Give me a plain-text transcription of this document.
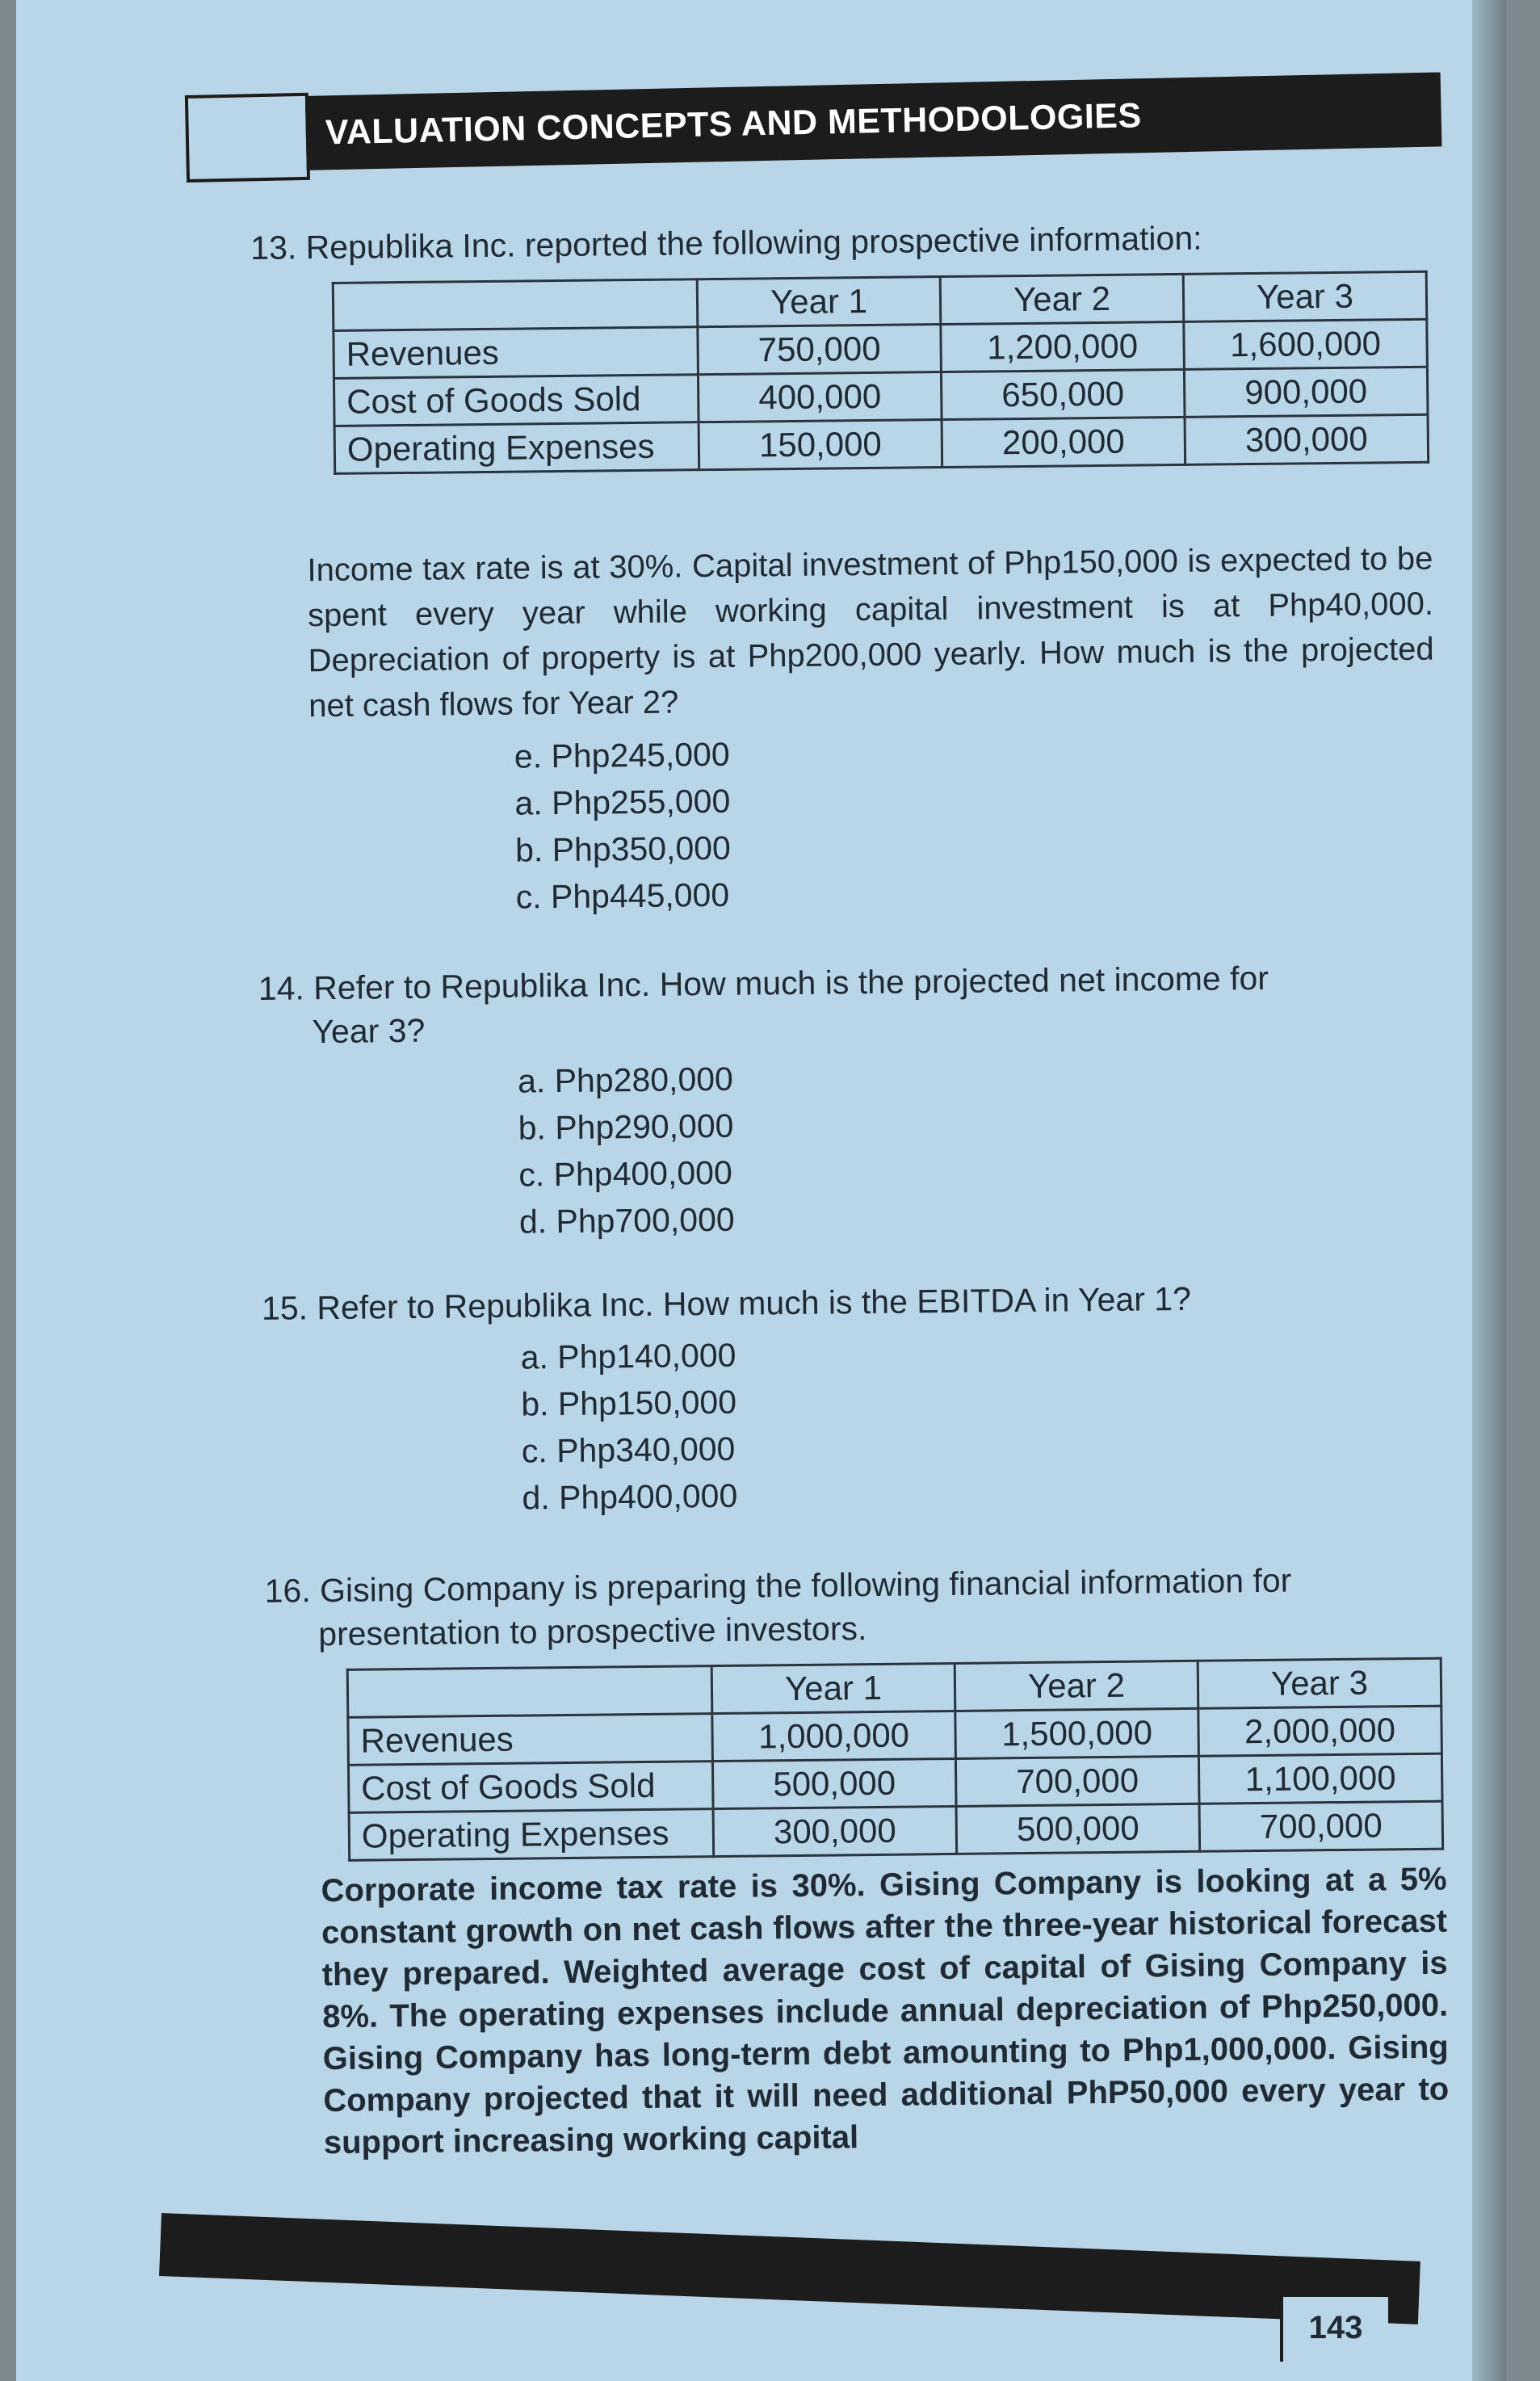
VALUATION CONCEPTS AND METHODOLOGIES

13. Republika Inc. reported the following prospective information:

	Year 1	Year 2	Year 3
Revenues	750,000	1,200,000	1,600,000
Cost of Goods Sold	400,000	650,000	900,000
Operating Expenses	150,000	200,000	300,000

Income tax rate is at 30%. Capital investment of Php150,000 is expected to be spent every year while working capital investment is at Php40,000. Depreciation of property is at Php200,000 yearly. How much is the projected net cash flows for Year 2?

e. Php245,000
a. Php255,000
b. Php350,000
c. Php445,000

14. Refer to Republika Inc. How much is the projected net income for

Year 3?

a. Php280,000
b. Php290,000
c. Php400,000
d. Php700,000

15. Refer to Republika Inc. How much is the EBITDA in Year 1?

a. Php140,000
b. Php150,000
c. Php340,000
d. Php400,000

16. Gising Company is preparing the following financial information for

presentation to prospective investors.

	Year 1	Year 2	Year 3
Revenues	1,000,000	1,500,000	2,000,000
Cost of Goods Sold	500,000	700,000	1,100,000
Operating Expenses	300,000	500,000	700,000

Corporate income tax rate is 30%. Gising Company is looking at a 5% constant growth on net cash flows after the three-year historical forecast they prepared. Weighted average cost of capital of Gising Company is 8%. The operating expenses include annual depreciation of Php250,000. Gising Company has long-term debt amounting to Php1,000,000. Gising Company projected that it will need additional PhP50,000 every year to support increasing working capital

143
